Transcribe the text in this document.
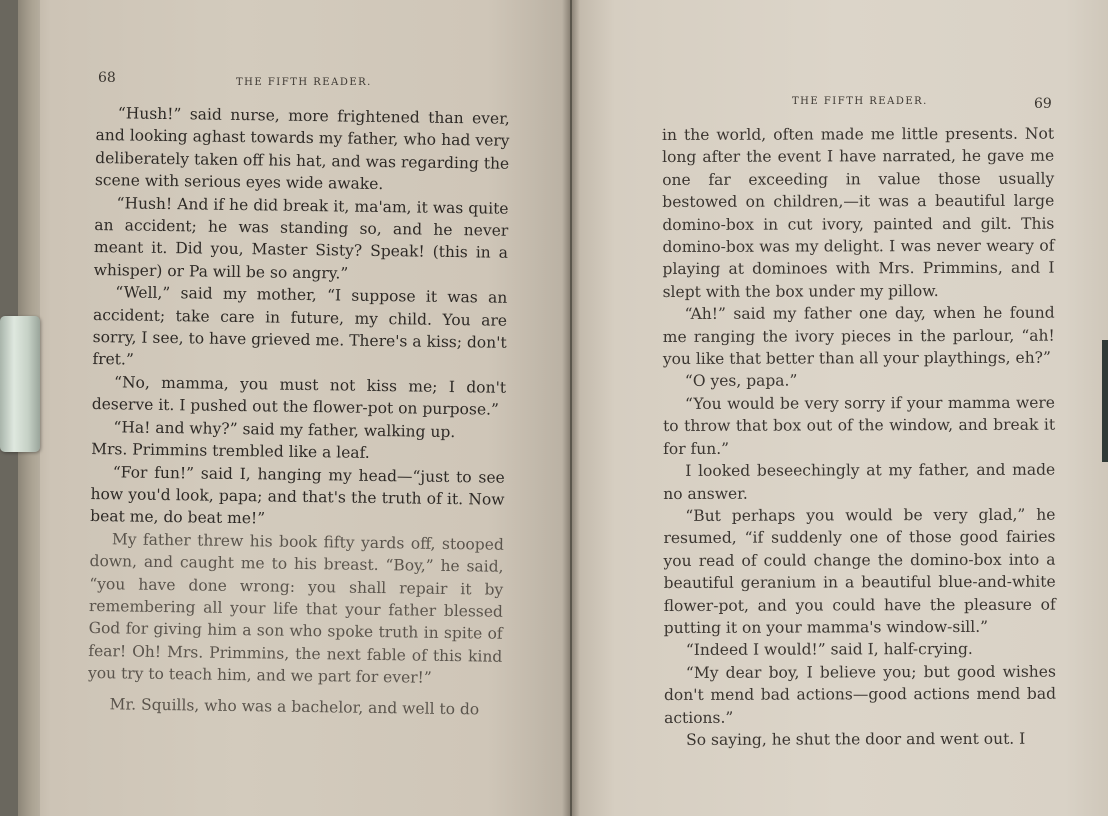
68	THE FIFTH READER.

“Hush!” said nurse, more frightened than ever, and looking aghast towards my father, who had very deliberately taken off his hat, and was regarding the scene with serious eyes wide awake.

“Hush! And if he did break it, ma'am, it was quite an accident; he was standing so, and he never meant it. Did you, Master Sisty? Speak! (this in a whisper) or Pa will be so angry.”

“Well,” said my mother, “I suppose it was an accident; take care in future, my child. You are sorry, I see, to have grieved me. There's a kiss; don't fret.”

“No, mamma, you must not kiss me; I don't deserve it. I pushed out the flower-pot on purpose.”

“Ha! and why?” said my father, walking up.

Mrs. Primmins trembled like a leaf.

“For fun!” said I, hanging my head—“just to see how you'd look, papa; and that's the truth of it. Now beat me, do beat me!”

My father threw his book fifty yards off, stooped down, and caught me to his breast. “Boy,” he said, “you have done wrong: you shall repair it by remembering all your life that your father blessed God for giving him a son who spoke truth in spite of fear! Oh! Mrs. Primmins, the next fable of this kind you try to teach him, and we part for ever!”

Mr. Squills, who was a bachelor, and well to do

THE FIFTH READER.	69

in the world, often made me little presents. Not long after the event I have narrated, he gave me one far exceeding in value those usually bestowed on children,—it was a beautiful large domino-box in cut ivory, painted and gilt. This domino-box was my delight. I was never weary of playing at dominoes with Mrs. Primmins, and I slept with the box under my pillow.

“Ah!” said my father one day, when he found me ranging the ivory pieces in the parlour, “ah! you like that better than all your playthings, eh?”

“O yes, papa.”

“You would be very sorry if your mamma were to throw that box out of the window, and break it for fun.”

I looked beseechingly at my father, and made no answer.

“But perhaps you would be very glad,” he resumed, “if suddenly one of those good fairies you read of could change the domino-box into a beautiful geranium in a beautiful blue-and-white flower-pot, and you could have the pleasure of putting it on your mamma's window-sill.”

“Indeed I would!” said I, half-crying.

“My dear boy, I believe you; but good wishes don't mend bad actions—good actions mend bad actions.”

So saying, he shut the door and went out. I
